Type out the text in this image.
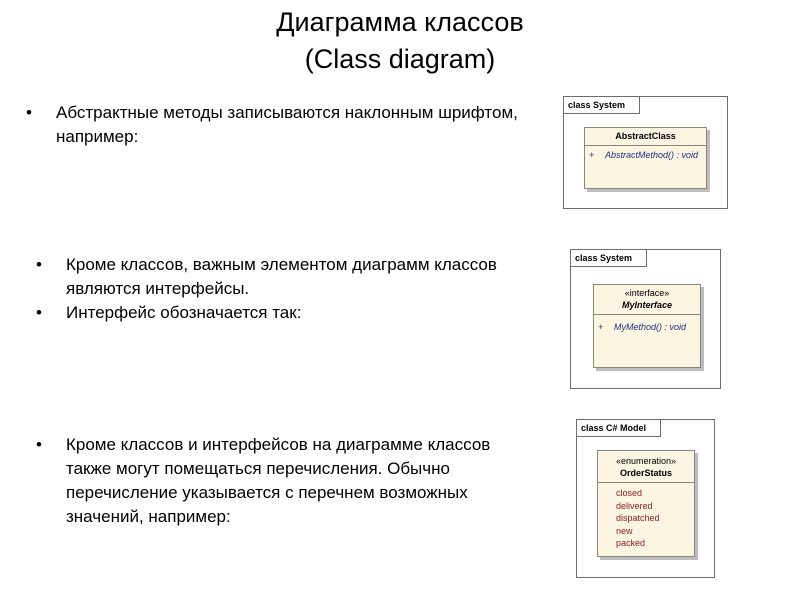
Диаграмма классов
(Class diagram)
• Абстрактные методы записываются наклонным шрифтом, например:
class System
AbstractClass
+ AbstractMethod() : void
• Кроме классов, важным элементом диаграмм классов являются интерфейсы.
• Интерфейс обозначается так:
class System
«interface»
MyInterface
+ MyMethod() : void
• Кроме классов и интерфейсов на диаграмме классов также могут помещаться перечисления. Обычно перечисление указывается с перечнем возможных значений, например:
class C# Model
«enumeration»
OrderStatus
closed
delivered
dispatched
new
packed
